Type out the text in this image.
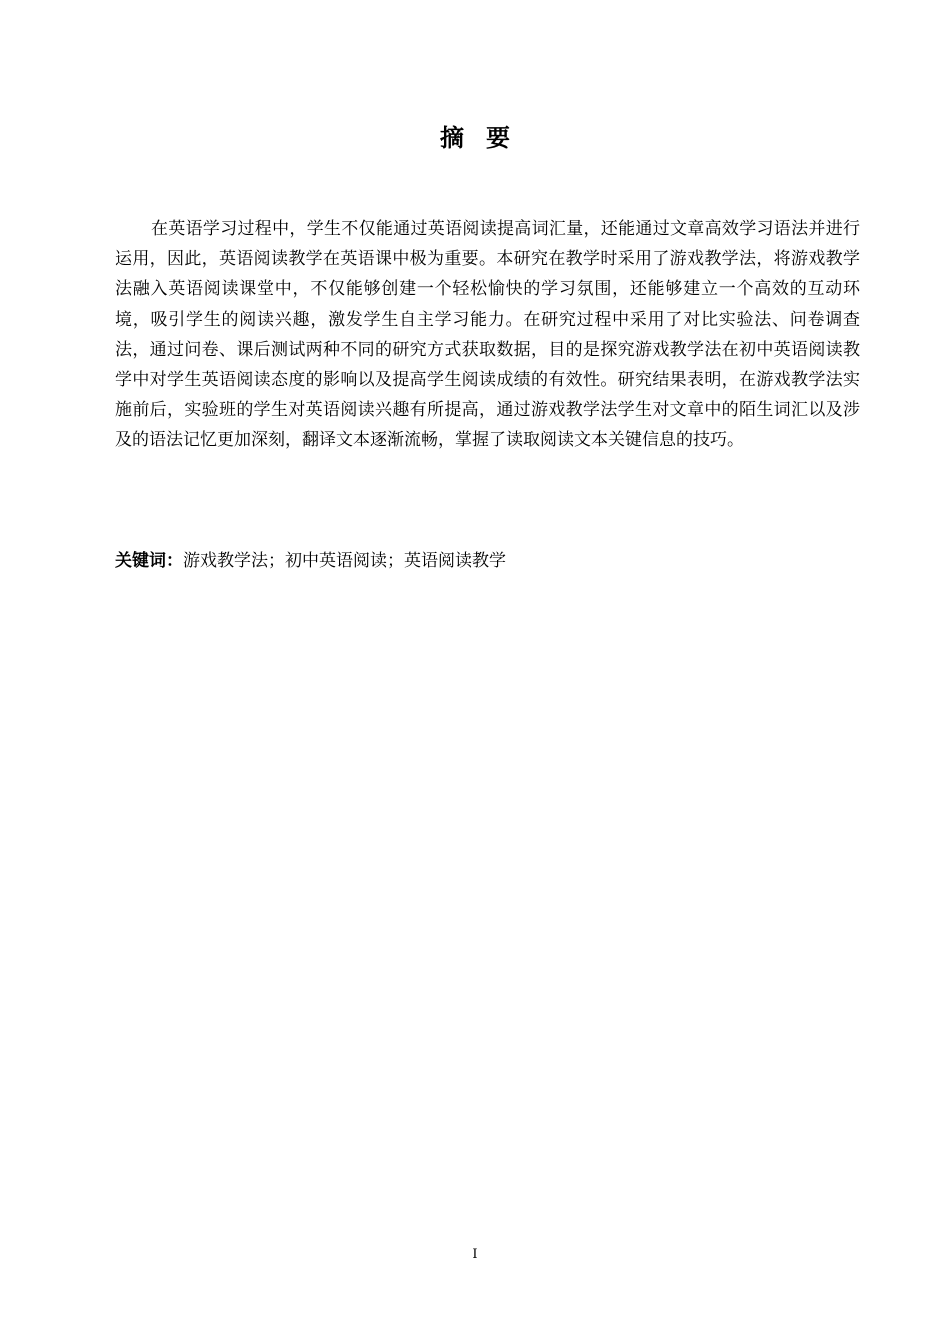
摘要

在英语学习过程中，学生不仅能通过英语阅读提高词汇量，还能通过文章高效学习语法并进行运用，因此，英语阅读教学在英语课中极为重要。本研究在教学时采用了游戏教学法，将游戏教学法融入英语阅读课堂中，不仅能够创建一个轻松愉快的学习氛围，还能够建立一个高效的互动环境，吸引学生的阅读兴趣，激发学生自主学习能力。在研究过程中采用了对比实验法、问卷调查法，通过问卷、课后测试两种不同的研究方式获取数据，目的是探究游戏教学法在初中英语阅读教学中对学生英语阅读态度的影响以及提高学生阅读成绩的有效性。研究结果表明，在游戏教学法实施前后，实验班的学生对英语阅读兴趣有所提高，通过游戏教学法学生对文章中的陌生词汇以及涉及的语法记忆更加深刻，翻译文本逐渐流畅，掌握了读取阅读文本关键信息的技巧。

关键词：游戏教学法；初中英语阅读；英语阅读教学

I
